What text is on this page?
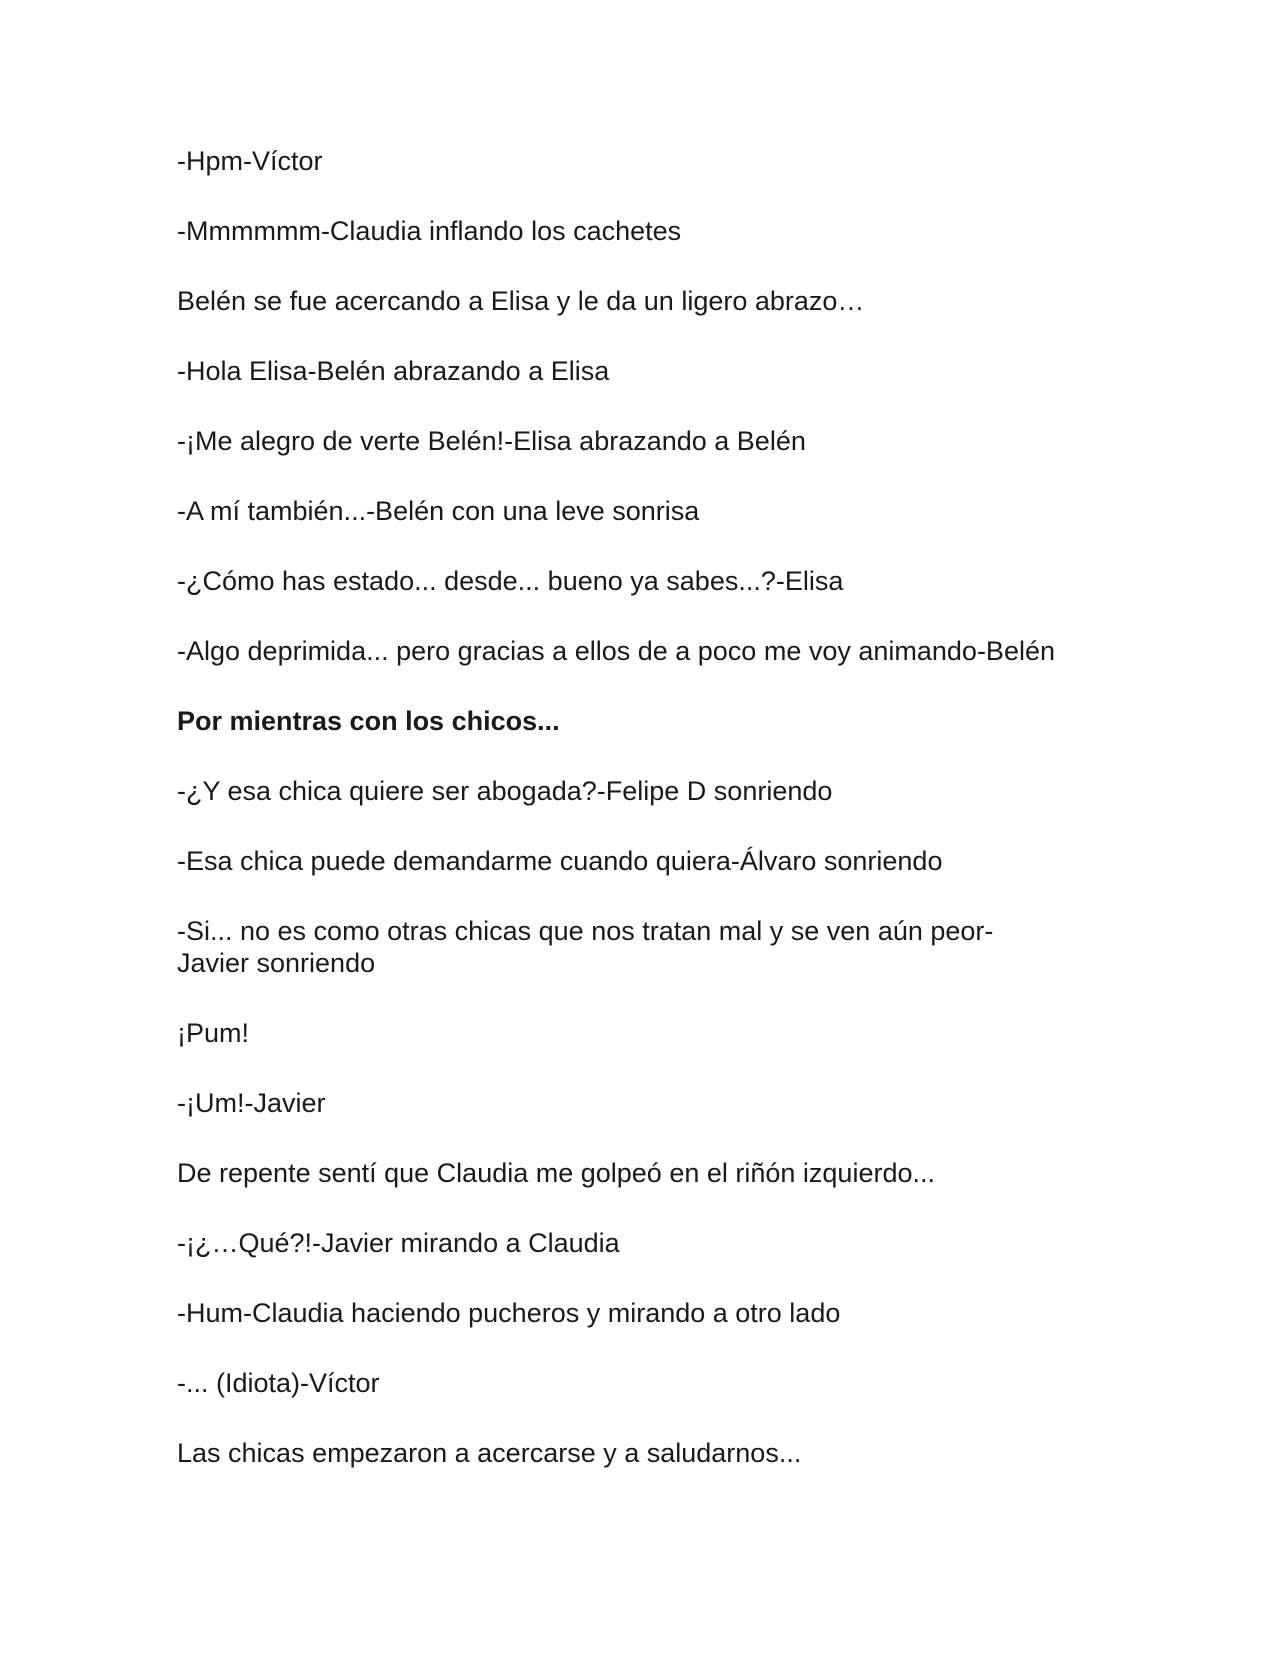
-Hpm-Víctor

-Mmmmmm-Claudia inflando los cachetes

Belén se fue acercando a Elisa y le da un ligero abrazo…

-Hola Elisa-Belén abrazando a Elisa

-¡Me alegro de verte Belén!-Elisa abrazando a Belén

-A mí también...-Belén con una leve sonrisa

-¿Cómo has estado... desde... bueno ya sabes...?-Elisa

-Algo deprimida... pero gracias a ellos de a poco me voy animando-Belén

Por mientras con los chicos...

-¿Y esa chica quiere ser abogada?-Felipe D sonriendo

-Esa chica puede demandarme cuando quiera-Álvaro sonriendo

-Si... no es como otras chicas que nos tratan mal y se ven aún peor-
Javier sonriendo

¡Pum!

-¡Um!-Javier

De repente sentí que Claudia me golpeó en el riñón izquierdo...

-¡¿…Qué?!-Javier mirando a Claudia

-Hum-Claudia haciendo pucheros y mirando a otro lado

-... (Idiota)-Víctor

Las chicas empezaron a acercarse y a saludarnos...
